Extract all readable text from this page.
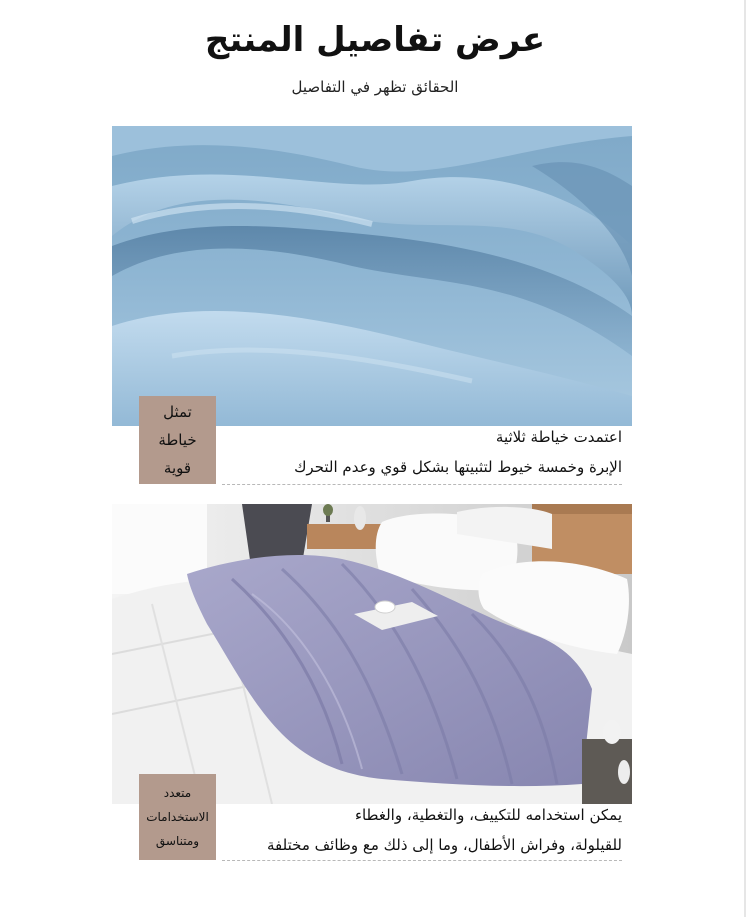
عرض تفاصيل المنتج
الحقائق تظهر في التفاصيل
تمثل
خياطة
قوية
اعتمدت خياطة ثلاثية
الإبرة وخمسة خيوط لتثبيتها بشكل قوي وعدم التحرك
متعدد
الاستخدامات
ومتناسق
يمكن استخدامه للتكييف، والتغطية، والغطاء
للقيلولة، وفراش الأطفال، وما إلى ذلك مع وظائف مختلفة
